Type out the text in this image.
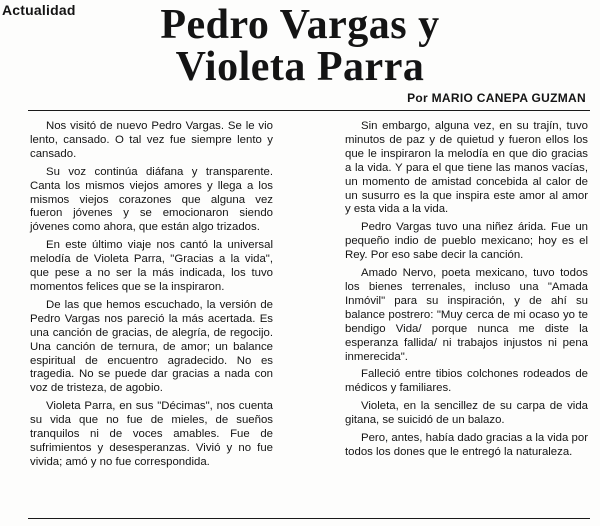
Actualidad	Pedro Vargas y
Violeta Parra
Por MARIO CANEPA GUZMAN

Nos visitó de nuevo Pedro Vargas. Se le vio lento, cansado. O tal vez fue siempre lento y cansado.

Su voz continúa diáfana y transparente. Canta los mismos viejos amores y llega a los mismos viejos corazones que alguna vez fueron jóvenes y se emocionaron siendo jóvenes como ahora, que están algo trizados.

En este último viaje nos cantó la universal melodía de Violeta Parra, "Gracias a la vida", que pese a no ser la más indicada, los tuvo momentos felices que se la inspiraron.

De las que hemos escuchado, la versión de Pedro Vargas nos pareció la más acertada. Es una canción de gracias, de alegría, de regocijo. Una canción de ternura, de amor; un balance espiritual de encuentro agradecido. No es tragedia. No se puede dar gracias a nada con voz de tristeza, de agobio.

Violeta Parra, en sus "Décimas", nos cuenta su vida que no fue de mieles, de sueños tranquilos ni de voces amables. Fue de sufrimientos y desesperanzas. Vivió y no fue vivida; amó y no fue correspondida.

Sin embargo, alguna vez, en su trajín, tuvo minutos de paz y de quietud y fueron ellos los que le inspiraron la melodía en que dio gracias a la vida. Y para el que tiene las manos vacías, un momento de amistad concebida al calor de un susurro es la que inspira este amor al amor y esta vida a la vida.

Pedro Vargas tuvo una niñez árida. Fue un pequeño indio de pueblo mexicano; hoy es el Rey. Por eso sabe decir la canción.

Amado Nervo, poeta mexicano, tuvo todos los bienes terrenales, incluso una "Amada Inmóvil" para su inspiración, y de ahí su balance postrero: "Muy cerca de mi ocaso yo te bendigo Vida/ porque nunca me diste la esperanza fallida/ ni trabajos injustos ni pena inmerecida".

Falleció entre tibios colchones rodeados de médicos y familiares.

Violeta, en la sencillez de su carpa de vida gitana, se suicidó de un balazo.

Pero, antes, había dado gracias a la vida por todos los dones que le entregó la naturaleza.
